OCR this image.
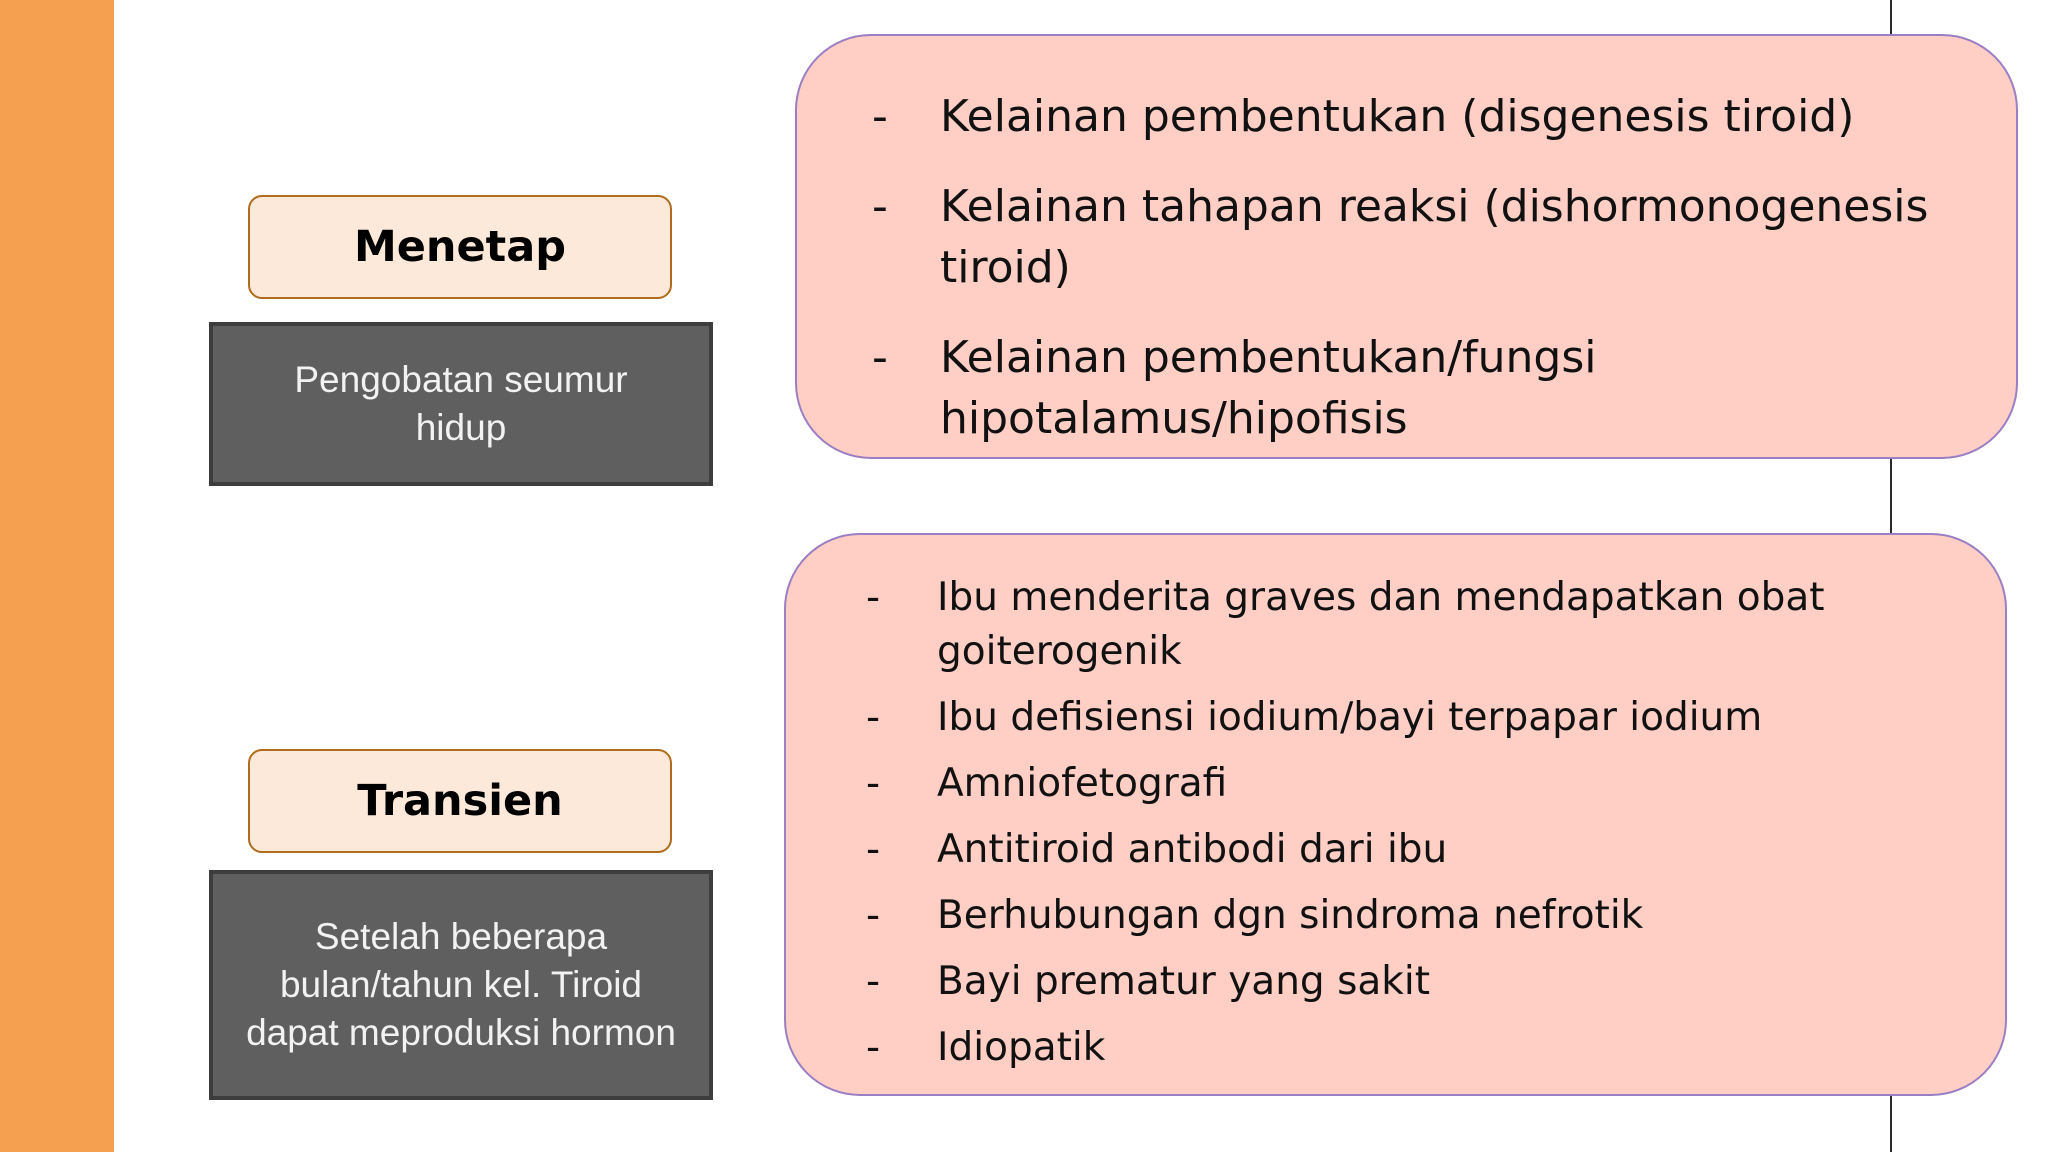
Menetap
Pengobatan seumur hidup
Transien
Setelah beberapa bulan/tahun kel. Tiroid dapat meproduksi hormon
- Kelainan pembentukan (disgenesis tiroid)
- Kelainan tahapan reaksi (dishormonogenesis tiroid)
- Kelainan pembentukan/fungsi hipotalamus/hipofisis
- Ibu menderita graves dan mendapatkan obat goiterogenik
- Ibu defisiensi iodium/bayi terpapar iodium
- Amniofetografi
- Antitiroid antibodi dari ibu
- Berhubungan dgn sindroma nefrotik
- Bayi prematur yang sakit
- Idiopatik
